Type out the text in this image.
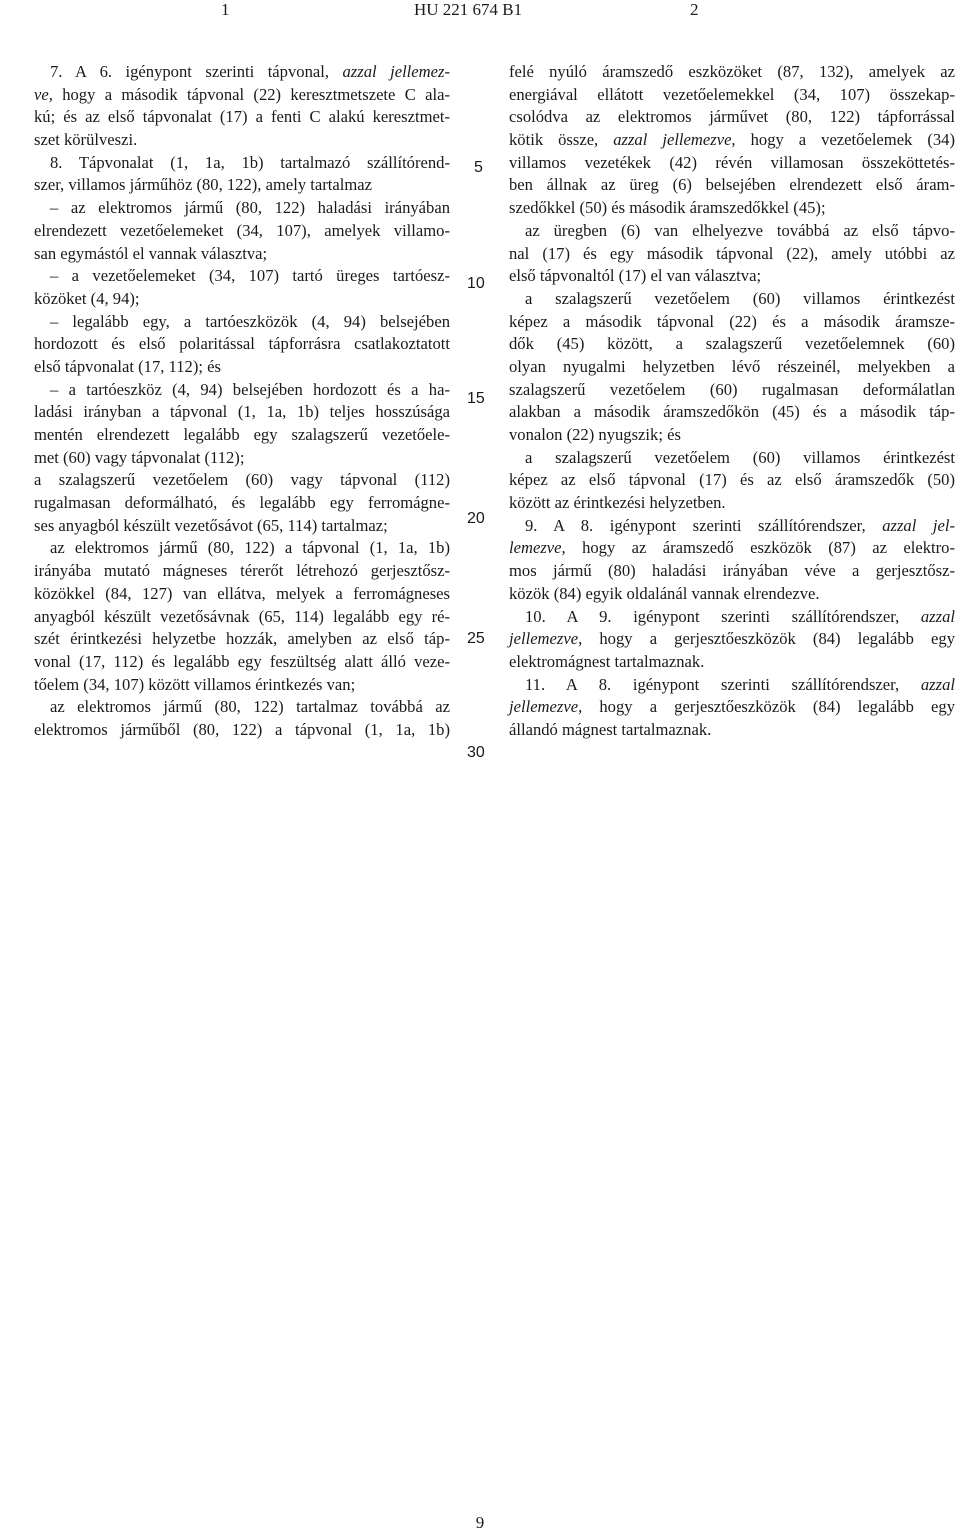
1	HU 221 674 B1	2
7. A 6. igénypont szerinti tápvonal, azzal jellemez-
ve, hogy a második tápvonal (22) keresztmetszete C ala-
kú; és az első tápvonalat (17) a fenti C alakú keresztmet-
szet körülveszi.
8. Tápvonalat (1, 1a, 1b) tartalmazó szállítórend-
szer, villamos járműhöz (80, 122), amely tartalmaz
– az elektromos jármű (80, 122) haladási irányában
elrendezett vezetőelemeket (34, 107), amelyek villamo-
san egymástól el vannak választva;
– a vezetőelemeket (34, 107) tartó üreges tartóesz-
közöket (4, 94);
– legalább egy, a tartóeszközök (4, 94) belsejében
hordozott és első polaritással tápforrásra csatlakoztatott
első tápvonalat (17, 112); és
– a tartóeszköz (4, 94) belsejében hordozott és a ha-
ladási irányban a tápvonal (1, 1a, 1b) teljes hosszúsága
mentén elrendezett legalább egy szalagszerű vezetőele-
met (60) vagy tápvonalat (112);
a szalagszerű vezetőelem (60) vagy tápvonal (112)
rugalmasan deformálható, és legalább egy ferromágne-
ses anyagból készült vezetősávot (65, 114) tartalmaz;
az elektromos jármű (80, 122) a tápvonal (1, 1a, 1b)
irányába mutató mágneses térerőt létrehozó gerjesztősz-
közökkel (84, 127) van ellátva, melyek a ferromágneses
anyagból készült vezetősávnak (65, 114) legalább egy ré-
szét érintkezési helyzetbe hozzák, amelyben az első táp-
vonal (17, 112) és legalább egy feszültség alatt álló veze-
tőelem (34, 107) között villamos érintkezés van;
az elektromos jármű (80, 122) tartalmaz továbbá az
elektromos járműből (80, 122) a tápvonal (1, 1a, 1b)
5
10
15
20
25
30
felé nyúló áramszedő eszközöket (87, 132), amelyek az
energiával ellátott vezetőelemekkel (34, 107) összekap-
csolódva az elektromos járművet (80, 122) tápforrással
kötik össze, azzal jellemezve, hogy a vezetőelemek (34)
villamos vezetékek (42) révén villamosan összeköttetés-
ben állnak az üreg (6) belsejében elrendezett első áram-
szedőkkel (50) és második áramszedőkkel (45);
az üregben (6) van elhelyezve továbbá az első tápvo-
nal (17) és egy második tápvonal (22), amely utóbbi az
első tápvonaltól (17) el van választva;
a szalagszerű vezetőelem (60) villamos érintkezést
képez a második tápvonal (22) és a második áramsze-
dők (45) között, a szalagszerű vezetőelemnek (60)
olyan nyugalmi helyzetben lévő részeinél, melyekben a
szalagszerű vezetőelem (60) rugalmasan deformálatlan
alakban a második áramszedőkön (45) és a második táp-
vonalon (22) nyugszik; és
a szalagszerű vezetőelem (60) villamos érintkezést
képez az első tápvonal (17) és az első áramszedők (50)
között az érintkezési helyzetben.
9. A 8. igénypont szerinti szállítórendszer, azzal jel-
lemezve, hogy az áramszedő eszközök (87) az elektro-
mos jármű (80) haladási irányában véve a gerjesztősz-
közök (84) egyik oldalánál vannak elrendezve.
10. A 9. igénypont szerinti szállítórendszer, azzal
jellemezve, hogy a gerjesztőeszközök (84) legalább egy
elektromágnest tartalmaznak.
11. A 8. igénypont szerinti szállítórendszer, azzal
jellemezve, hogy a gerjesztőeszközök (84) legalább egy
állandó mágnest tartalmaznak.
9
